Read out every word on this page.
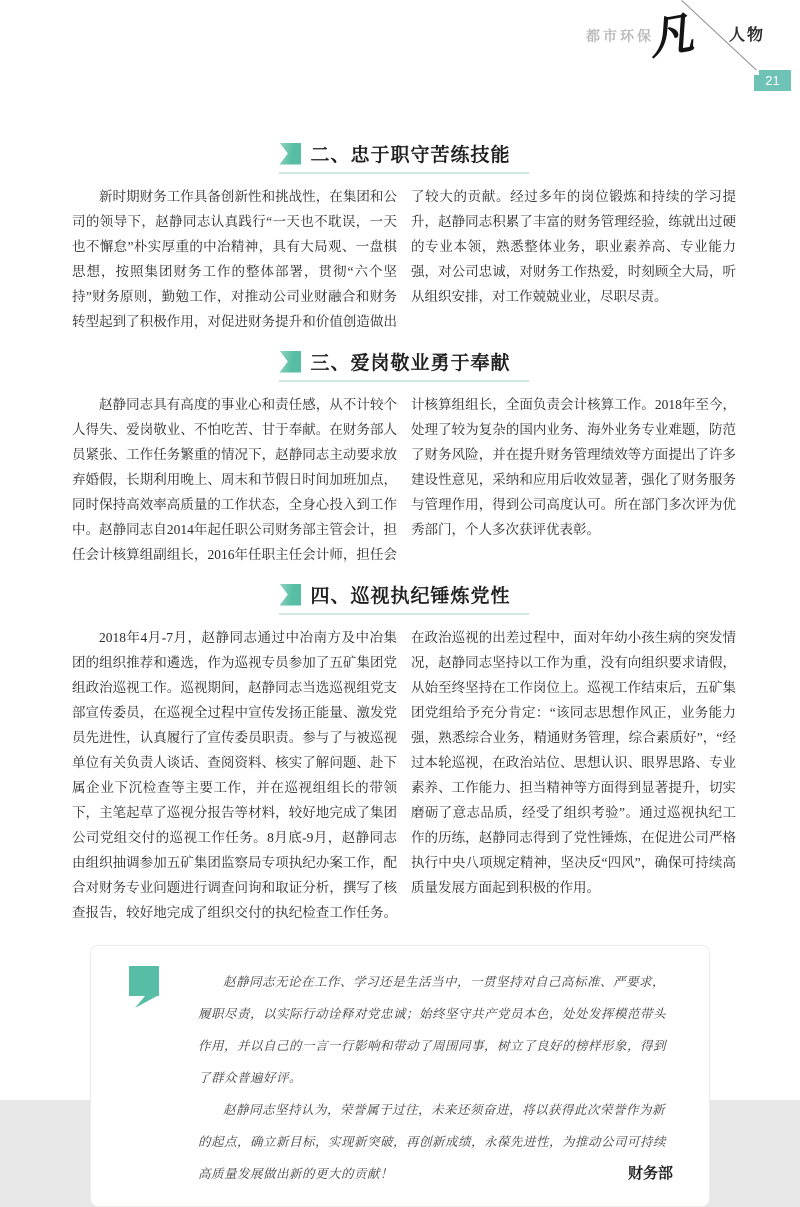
都市环保
凡 人物
21
二、忠于职守苦练技能

新时期财务工作具备创新性和挑战性，在集团和公司的领导下，赵静同志认真践行“一天也不耽误，一天也不懈怠”朴实厚重的中冶精神，具有大局观、一盘棋思想，按照集团财务工作的整体部署，贯彻“六个坚持”财务原则，勤勉工作，对推动公司业财融合和财务转型起到了积极作用，对促进财务提升和价值创造做出了较大的贡献。经过多年的岗位锻炼和持续的学习提升，赵静同志积累了丰富的财务管理经验，练就出过硬的专业本领，熟悉整体业务，职业素养高、专业能力强，对公司忠诚，对财务工作热爱，时刻顾全大局，听从组织安排，对工作兢兢业业，尽职尽责。

三、爱岗敬业勇于奉献

赵静同志具有高度的事业心和责任感，从不计较个人得失、爱岗敬业、不怕吃苦、甘于奉献。在财务部人员紧张、工作任务繁重的情况下，赵静同志主动要求放弃婚假，长期利用晚上、周末和节假日时间加班加点，同时保持高效率高质量的工作状态，全身心投入到工作中。赵静同志自2014年起任职公司财务部主管会计，担任会计核算组副组长，2016年任职主任会计师，担任会计核算组组长，全面负责会计核算工作。2018年至今，处理了较为复杂的国内业务、海外业务专业难题，防范了财务风险，并在提升财务管理绩效等方面提出了许多建设性意见，采纳和应用后收效显著，强化了财务服务与管理作用，得到公司高度认可。所在部门多次评为优秀部门，个人多次获评优表彰。

四、巡视执纪锤炼党性

2018年4月-7月，赵静同志通过中冶南方及中冶集团的组织推荐和遴选，作为巡视专员参加了五矿集团党组政治巡视工作。巡视期间，赵静同志当选巡视组党支部宣传委员，在巡视全过程中宣传发扬正能量、激发党员先进性，认真履行了宣传委员职责。参与了与被巡视单位有关负责人谈话、查阅资料、核实了解问题、赴下属企业下沉检查等主要工作，并在巡视组组长的带领下，主笔起草了巡视分报告等材料，较好地完成了集团公司党组交付的巡视工作任务。8月底-9月，赵静同志由组织抽调参加五矿集团监察局专项执纪办案工作，配合对财务专业问题进行调查问询和取证分析，撰写了核查报告，较好地完成了组织交付的执纪检查工作任务。在政治巡视的出差过程中，面对年幼小孩生病的突发情况，赵静同志坚持以工作为重，没有向组织要求请假，从始至终坚持在工作岗位上。巡视工作结束后，五矿集团党组给予充分肯定：“该同志思想作风正，业务能力强，熟悉综合业务，精通财务管理，综合素质好”，“经过本轮巡视，在政治站位、思想认识、眼界思路、专业素养、工作能力、担当精神等方面得到显著提升，切实磨砺了意志品质，经受了组织考验”。通过巡视执纪工作的历练，赵静同志得到了党性锤炼，在促进公司严格执行中央八项规定精神，坚决反“四风”，确保可持续高质量发展方面起到积极的作用。

赵静同志无论在工作、学习还是生活当中，一贯坚持对自己高标准、严要求，履职尽责，以实际行动诠释对党忠诚；始终坚守共产党员本色，处处发挥模范带头作用，并以自己的一言一行影响和带动了周围同事，树立了良好的榜样形象，得到了群众普遍好评。

赵静同志坚持认为，荣誉属于过往，未来还须奋进，将以获得此次荣誉作为新的起点，确立新目标，实现新突破，再创新成绩，永葆先进性，为推动公司可持续高质量发展做出新的更大的贡献！	财务部
